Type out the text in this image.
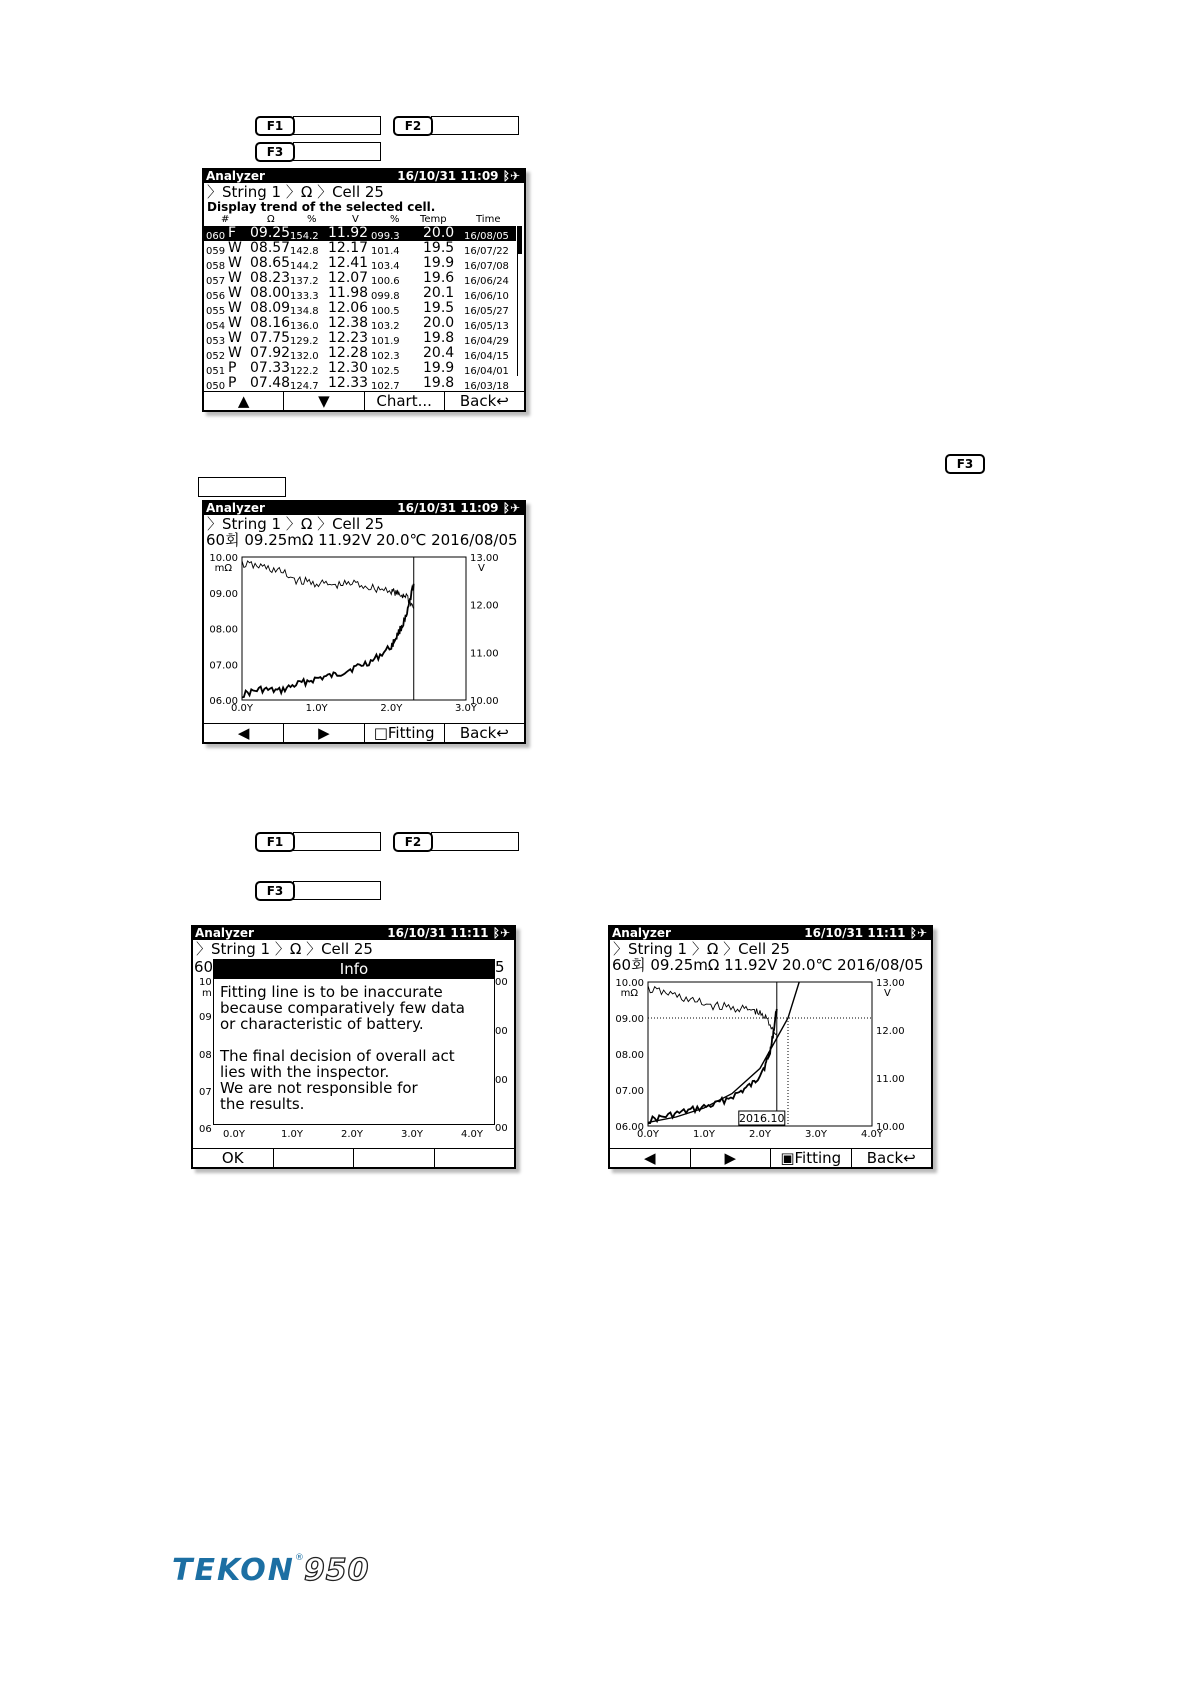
F1	F2
F3
Analyzer	16/10/31 11:09 ᛒ✈
〉String 1 〉Ω 〉Cell 25
Display trend of the selected cell.
#	Ω	%	V	% Temp	Time
060 F 09.25 154.2 11.92 099.3 20.0 16/08/05
059 W 08.57 142.8 12.17 101.4 19.5 16/07/22
058 W 08.65 144.2 12.41 103.4 19.9 16/07/08
057 W 08.23 137.2 12.07 100.6 19.6 16/06/24
056 W 08.00 133.3 11.98 099.8 20.1 16/06/10
055 W 08.09 134.8 12.06 100.5 19.5 16/05/27
054 W 08.16 136.0 12.38 103.2 20.0 16/05/13
053 W 07.75 129.2 12.23 101.9 19.8 16/04/29
052 W 07.92 132.0 12.28 102.3 20.4 16/04/15
051 P 07.33 122.2 12.30 102.5 19.9 16/04/01
050 P 07.48 124.7 12.33 102.7 19.8 16/03/18
▲	▼	Chart...	Back↩
F3
Analyzer	16/10/31 11:09 ᛒ✈
〉String 1 〉Ω 〉Cell 25
60회 09.25mΩ 11.92V 20.0℃ 2016/08/05
10.00
09.00
08.00
07.00
06.00
mΩ
13.00
12.00
11.00
10.00
V
0.0Y	1.0Y	2.0Y	3.0Y
◀	▶	□Fitting	Back↩
F1	F2
F3
Analyzer	16/10/31 11:11 ᛒ✈
〉String 1 〉Ω 〉Cell 25
60
10
m
09
08
07
06
5
00
00
00
00
0.0Y	1.0Y	2.0Y	3.0Y	4.0Y
Info
Fitting line is to be inaccurate
because comparatively few data
or characteristic of battery.
The final decision of overall act
lies with the inspector.
We are not responsible for
the results.
OK
Analyzer	16/10/31 11:11 ᛒ✈
〉String 1 〉Ω 〉Cell 25
60회 09.25mΩ 11.92V 20.0℃ 2016/08/05
10.00
09.00
08.00
07.00
06.00
mΩ
13.00
12.00
11.00
10.00
V
0.0Y	1.0Y	2.0Y	3.0Y	4.0Y
2016.10
◀	▶	▣Fitting	Back↩
TEKON®950
